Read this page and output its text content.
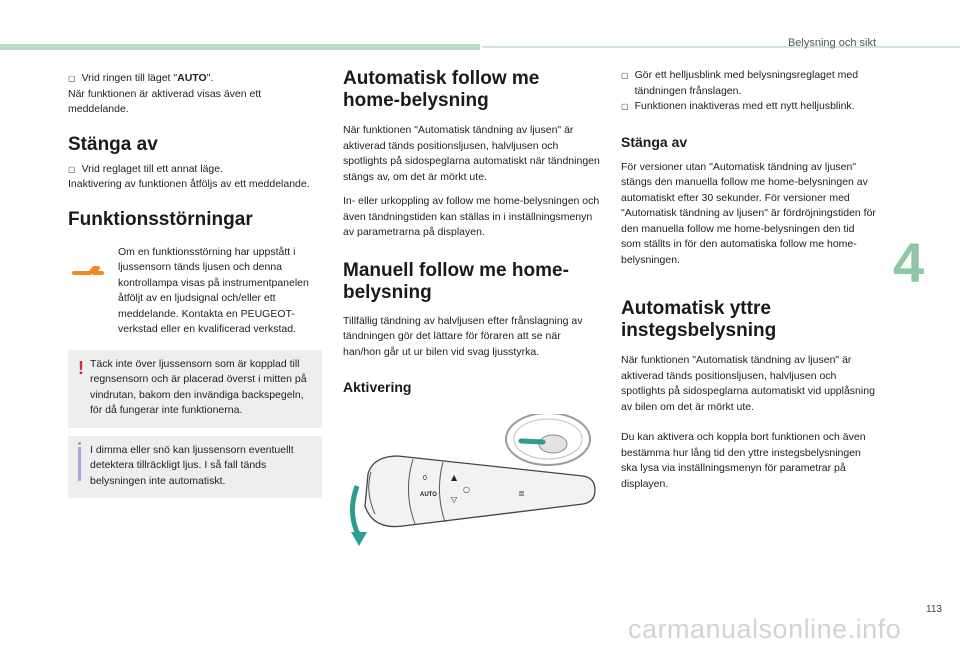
Belysning och sikt
4
▢ Vrid ringen till läget "AUTO".

När funktionen är aktiverad visas även ett meddelande.

Stänga av
▢ Vrid reglaget till ett annat läge.

Inaktivering av funktionen åtföljs av ett meddelande.

Funktionsstörningar

Om en funktionsstörning har uppstått i ljussensorn tänds ljusen och denna kontrollampa visas på instrumentpanelen åtföljt av en ljudsignal och/eller ett meddelande. Kontakta en PEUGEOT-verkstad eller en kvalificerad verkstad.

! Täck inte över ljussensorn som är kopplad till regnsensorn och är placerad överst i mitten på vindrutan, bakom den invändiga backspegeln, för då fungerar inte funktionerna.

I dimma eller snö kan ljussensorn eventuellt detektera tillräckligt ljus. I så fall tänds belysningen inte automatiskt.

Automatisk follow me home-belysning

När funktionen "Automatisk tändning av ljusen" är aktiverad tänds positionsljusen, halvljusen och spotlights på sidospeglarna automatiskt när tändningen stängs av, om det är mörkt ute.

In- eller urkoppling av follow me home-belysningen och även tändningstiden kan ställas in i inställningsmenyn av parametrarna på displayen.

Manuell follow me home-belysning

Tillfällig tändning av halvljusen efter frånslagning av tändningen gör det lättare för föraren att se när han/hon går ut ur bilen vid svag ljusstyrka.

Aktivering
AUTO
0	▲
▽
○	≣
▢ Gör ett helljusblink med belysningsreglaget med tändningen frånslagen.
▢ Funktionen inaktiveras med ett nytt helljusblink.
Stänga av

För versioner utan "Automatisk tändning av ljusen" stängs den manuella follow me home-belysningen av automatiskt efter 30 sekunder. För versioner med "Automatisk tändning av ljusen" är fördröjningstiden för den manuella follow me home-belysningen den tid som ställts in för den automatiska follow me home-belysningen.

Automatisk yttre instegsbelysning

När funktionen "Automatisk tändning av ljusen" är aktiverad tänds positionsljusen, halvljusen och spotlights på sidospeglarna automatiskt vid upplåsning av bilen om det är mörkt ute.

Du kan aktivera och koppla bort funktionen och även bestämma hur lång tid den yttre instegsbelysningen ska lysa via inställningsmenyn för parametrar på displayen.

113
carmanualsonline.info
